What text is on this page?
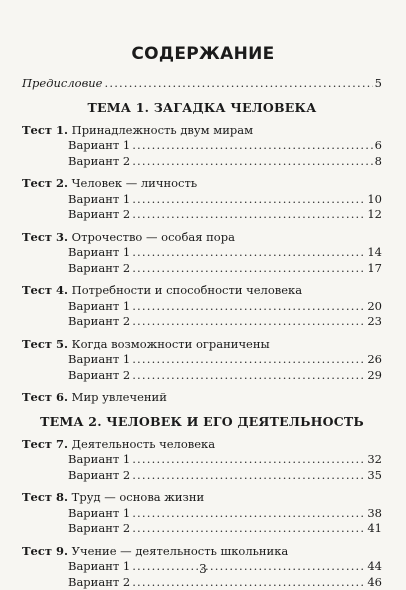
СОДЕРЖАНИЕ
Предисловие .....	5
ТЕМА 1. ЗАГАДКА ЧЕЛОВЕКА
Тест 1. Принадлежность двум мирам
Вариант 1 .....	6
Вариант 2 .....	8
Тест 2. Человек — личность
Вариант 1 .....	10
Вариант 2 .....	12
Тест 3. Отрочество — особая пора
Вариант 1 .....	14
Вариант 2 .....	17
Тест 4. Потребности и способности человека
Вариант 1 .....	20
Вариант 2 .....	23
Тест 5. Когда возможности ограничены
Вариант 1 .....	26
Вариант 2 .....	29
Тест 6. Мир увлечений
ТЕМА 2. ЧЕЛОВЕК И ЕГО ДЕЯТЕЛЬНОСТЬ
Тест 7. Деятельность человека
Вариант 1 .....	32
Вариант 2 .....	35
Тест 8. Труд — основа жизни
Вариант 1 .....	38
Вариант 2 .....	41
Тест 9. Учение — деятельность школьника
Вариант 1 .....	44
Вариант 2 .....	46
3
